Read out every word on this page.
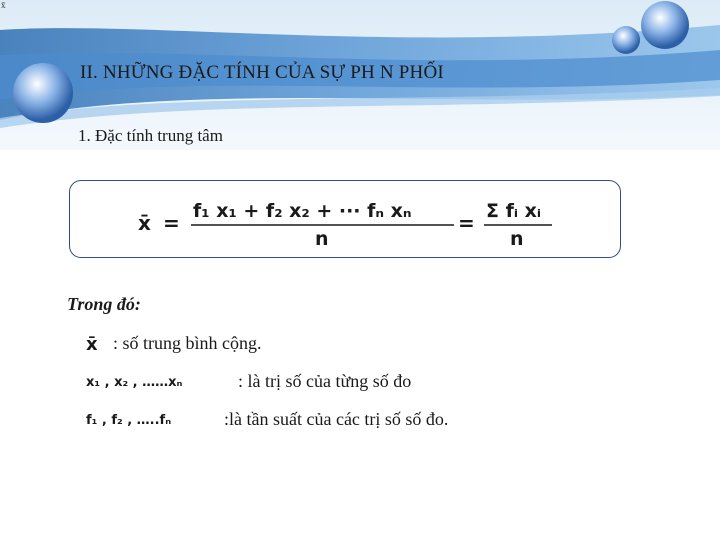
x̄
II. NHỮNG ĐẶC TÍNH CỦA SỰ PH N PHỐI
1. Đặc tính trung tâm
x̄ = f₁ x₁ + f₂ x₂ + ··· fₙ xₙ
n
= Σ fᵢ xᵢ
n
Trong đó:
x̄ : số trung bình cộng.
x₁ , x₂ , ……xₙ	: là trị số của từng số đo
f₁ , f₂ , …..fₙ	:là tần suất của các trị số số đo.
